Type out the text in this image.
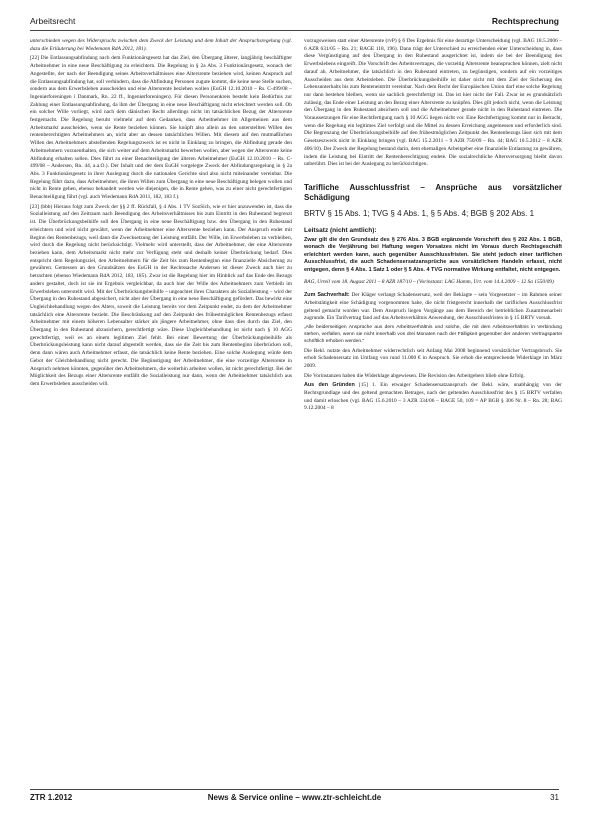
Arbeitsrecht	Rechtsprechung

unterschieden wegen des Widerspruchs zwischen dem Zweck der Leistung und dem Inhalt der Anspruchsregelung (vgl. dazu die Erläuterung bei Wiedemann RdA 2012, 181).

[22] Die Entlassungsabfindung nach dem Funktionärsgesetz hat das Ziel, den Übergang älterer, langjährig beschäftigter Arbeitnehmer in eine neue Beschäftigung zu erleichtern. Die Regelung in § 2a Abs. 3 Funktionärsgesetz, wonach der Angestellte, der nach der Beendigung seines Arbeitsverhältnisses eine Altersrente beziehen wird, keinen Anspruch auf die Entlassungsabfindung hat, soll verhindern, dass die Abfindung Personen zugute kommt, die keine neue Stelle suchen, sondern aus dem Erwerbsleben ausscheiden und eine Altersrente beziehen wollen (EuGH 12.10.2010 – Rs. C-499/08 – Ingeniørforeningen i Danmark, Rn. 22 ff., Ingeniørforeningen). Für diesen Personenkreis besteht kein Bedürfnis zur Zahlung einer Entlassungsabfindung, da ihm der Übergang in eine neue Beschäftigung nicht erleichtert werden soll. Ob ein solcher Wille vorliegt, wird nach dem dänischen Recht allerdings nicht im tatsächlichen Bezug der Altersrente festgemacht. Die Regelung beruht vielmehr auf dem Gedanken, dass Arbeitnehmer im Allgemeinen aus dem Arbeitsmarkt ausscheiden, wenn sie Rente beziehen können. Sie knüpft also allein an den unterstellten Willen des rentenberechtigten Arbeitnehmers an, nicht aber an dessen tatsächlichen Willen. Mit diesem auf den mutmaßlichen Willen des Arbeitnehmers abstellenden Regelungszweck ist es nicht in Einklang zu bringen, die Abfindung gerade den Arbeitnehmern vorzuenthalten, die sich weiter auf dem Arbeitsmarkt bewerben wollen, aber wegen der Altersrente keine Abfindung erhalten sollen. Dies führt zu einer Benachteiligung der älteren Arbeitnehmer (EuGH 12.10.2010 – Rs. C-499/08 – Andersen, Rn. 44, a.a.O.). Der Inhalt und der dem EuGH vorgelegte Zweck der Abfindungsregelung in § 2a Abs. 3 Funktionärsgesetz in ihrer Auslegung durch die nationalen Gerichte sind also nicht miteinander vereinbar. Die Regelung führt dazu, dass Arbeitnehmer, die ihren Willen zum Übergang in eine neue Beschäftigung belegen wollen und nicht in Rente gehen, ebenso behandelt werden wie diejenigen, die in Rente gehen, was zu einer nicht gerechtfertigten Benachteiligung führt (vgl. auch Wiedemann RdA 2011, 182, 183 f.).

[23] (bbb) Hieraus folgt zum Zweck der §§ 2 ff. Rückfall, § 4 Abs. 1 TV SozSich, wie er hier anzuwenden ist, dass die Sozialleistung auf den Zeitraum nach Beendigung des Arbeitsverhältnisses bis zum Eintritt in den Ruhestand begrenzt ist. Die Überbrückungsbeihilfe soll den Übergang in eine neue Beschäftigung bzw. den Übergang in den Ruhestand erleichtern und wird nicht gewährt, wenn der Arbeitnehmer eine Altersrente beziehen kann. Der Anspruch endet mit Beginn des Rentenbezugs, weil dann die Zwecksetzung der Leistung entfällt. Der Wille, im Erwerbsleben zu verbleiben, wird durch die Regelung nicht berücksichtigt. Vielmehr wird unterstellt, dass der Arbeitnehmer, der eine Altersrente beziehen kann, dem Arbeitsmarkt nicht mehr zur Verfügung steht und deshalb keiner Überbrückung bedarf. Dies entspricht dem Regelungsziel, den Arbeitnehmern für die Zeit bis zum Rentenbeginn eine finanzielle Absicherung zu gewähren. Gemessen an den Grundsätzen des EuGH in der Rechtssache Andersen ist dieser Zweck auch hier zu betrachten (ebenso Wiedemann RdA 2012, 183, 185). Zwar ist die Regelung hier im Hinblick auf das Ende des Bezugs anders gestaltet, doch ist sie im Ergebnis vergleichbar, da auch hier der Wille des Arbeitnehmers zum Verbleib im Erwerbsleben unterstellt wird. Mit der Überbrückungsbeihilfe – ungeachtet ihres Charakters als Sozialleistung – wird der Übergang in den Ruhestand abgesichert, nicht aber der Übergang in eine neue Beschäftigung gefördert. Das bewirkt eine Ungleichbehandlung wegen des Alters, soweit die Leistung bereits vor dem Zeitpunkt endet, zu dem der Arbeitnehmer tatsächlich eine Altersrente bezieht. Die Beschränkung auf den Zeitpunkt des frühestmöglichen Rentenbezugs erfasst Arbeitnehmer mit einem höheren Lebensalter stärker als jüngere Arbeitnehmer, ohne dass dies durch das Ziel, den Übergang in den Ruhestand abzusichern, gerechtfertigt wäre. Diese Ungleichbehandlung ist nicht nach § 10 AGG gerechtfertigt, weil es an einem legitimen Ziel fehlt. Bei einer Bewertung der Überbrückungsbeihilfe als Überbrückungsleistung kann nicht darauf abgestellt werden, dass sie die Zeit bis zum Rentenbeginn überbrücken soll, denn dann wären auch Arbeitnehmer erfasst, die tatsächlich keine Rente beziehen. Eine solche Auslegung würde dem Gebot der Gleichbehandlung nicht gerecht. Die Begünstigung der Arbeitnehmer, die eine vorzeitige Altersrente in Anspruch nehmen könnten, gegenüber den Arbeitnehmern, die weiterhin arbeiten wollen, ist nicht gerechtfertigt. Bei der Möglichkeit des Bezugs einer Altersrente entfällt die Sozialleistung nur dann, wenn der Arbeitnehmer tatsächlich aus dem Erwerbsleben ausscheiden will.

vorzugsweisen statt einer Altersrente (rvP) § 6 Des Ergebnis für eine derartige Unterscheidung (vgl. BAG 18.5.2006 – 6 AZR 631/05 – Rn. 21; BAGE 118, 196). Dann trägt der Unterschied zu erreichenden einer Unterscheidung in, dass diese Vergünstigung auf den Übergang in den Ruhestand ausgerichtet ist, indem sie bei der Beendigung des Erwerbslebens eingreift. Die Vorschrift des Arbeitsvertrages, die vorzeitig Altersrente beanspruchen können, zielt nicht darauf ab, Arbeitnehmer, die tatsächlich in den Ruhestand eintreten, zu begünstigen, sondern auf ein vorzeitiges Ausscheiden aus dem Arbeitsleben. Die Überbrückungsbeihilfe ist daher nicht mit dem Ziel der Sicherung des Lebensunterhalts bis zum Renteneintritt vereinbar. Nach dem Recht der Europäischen Union darf eine solche Regelung nur dann bestehen bleiben, wenn sie sachlich gerechtfertigt ist. Das ist hier nicht der Fall. Zwar ist es grundsätzlich zulässig, das Ende einer Leistung an den Bezug einer Altersrente zu knüpfen. Dies gilt jedoch nicht, wenn die Leistung den Übergang in den Ruhestand absichern soll und die Arbeitnehmer gerade nicht in den Ruhestand eintreten. Die Voraussetzungen für eine Rechtfertigung nach § 10 AGG liegen nicht vor. Eine Rechtfertigung kommt nur in Betracht, wenn die Regelung ein legitimes Ziel verfolgt und die Mittel zu dessen Erreichung angemessen und erforderlich sind. Die Begrenzung der Überbrückungsbeihilfe auf den frühestmöglichen Zeitpunkt des Rentenbezugs lässt sich mit dem Gesetzeszweck nicht in Einklang bringen (vgl. BAG 15.2.2011 – 9 AZR 750/09 – Rn. 44; BAG 10.5.2012 – 8 AZR 406/10). Der Zweck der Regelung bestand darin, dem ehemaligen Arbeitgeber eine finanzielle Entlastung zu gewähren, indem die Leistung bei Eintritt der Rentenberechtigung endete. Die sozialrechtliche Altersversorgung bleibt davon unberührt. Dies ist bei der Auslegung zu berücksichtigen.

Tarifliche Ausschlussfrist – Ansprüche aus vorsätzlicher Schädigung
BRTV § 15 Abs. 1; TVG § 4 Abs. 1, § 5 Abs. 4; BGB § 202 Abs. 1
Leitsatz (nicht amtlich):
Zwar gilt die den Grundsatz des § 276 Abs. 3 BGB ergänzende Vorschrift des § 202 Abs. 1 BGB, wonach die Verjährung bei Haftung wegen Vorsatzes nicht im Voraus durch Rechtsgeschäft erleichtert werden kann, auch gegenüber Ausschlussfristen. Sie steht jedoch einer tariflichen Ausschlussfrist, die auch Schadensersatzansprüche aus vorsätzlichem Handeln erfasst, nicht entgegen, denn § 4 Abs. 1 Satz 1 oder § 5 Abs. 4 TVG normative Wirkung entfaltet, nicht entgegen.
BAG, Urteil vom 18. August 2011 – 8 AZR 187/10 – (Vorinstanz: LAG Hamm, Urt. vom 14.4.2009 – 12 Sa 1550/09)

Zum Sachverhalt: Der Kläger verlangt Schadensersatz, weil der Beklagte – sein Vorgesetzter – im Rahmen seiner Arbeitstätigkeit eine Schädigung vorgenommen habe, die nicht fristgerecht innerhalb der tariflichen Ausschlussfrist geltend gemacht worden war. Dem Anspruch liegen Vorgänge aus dem Bereich der betrieblichen Zusammenarbeit zugrunde. Ein Tarifvertrag fand auf das Arbeitsverhältnis Anwendung, der Ausschlussfristen in § 15 BRTV vorsah.

„Alle beiderseitigen Ansprüche aus dem Arbeitsverhältnis und solche, die mit dem Arbeitsverhältnis in Verbindung stehen, verfallen, wenn sie nicht innerhalb von drei Monaten nach der Fälligkeit gegenüber der anderen Vertragspartei schriftlich erhoben werden."

Die Bekl. nutzte den Arbeitnehmer widerrechtlich seit Anfang Mai 2008 beginnend vorsätzlicher Vertragsbruch. Sie erhob Schadensersatz im Umfang von rund 11.000 € in Anspruch. Sie erhob die entsprechende Widerklage im März 2009.

Die Vorinstanzen haben die Widerklage abgewiesen. Die Revision des Arbeitgebers blieb ohne Erfolg.

Aus den Gründen [15] 1. Ein etwaiger Schadensersatzanspruch der Bekl. wäre, unabhängig von der Rechtsgrundlage und des geltend gemachten Betrages, nach der geltenden Ausschlussfrist des § 15 BRTV verfallen und damit erloschen (vgl. BAG 15.6.2010 – 3 AZR 334/06 – BAGE 50, 109 = AP BGB § 306 Nr. 8 – Rn. 28; BAG 9.12.2004 – 8

ZTR 1.2012	News & Service online – www.ztr-schleicht.de	31
